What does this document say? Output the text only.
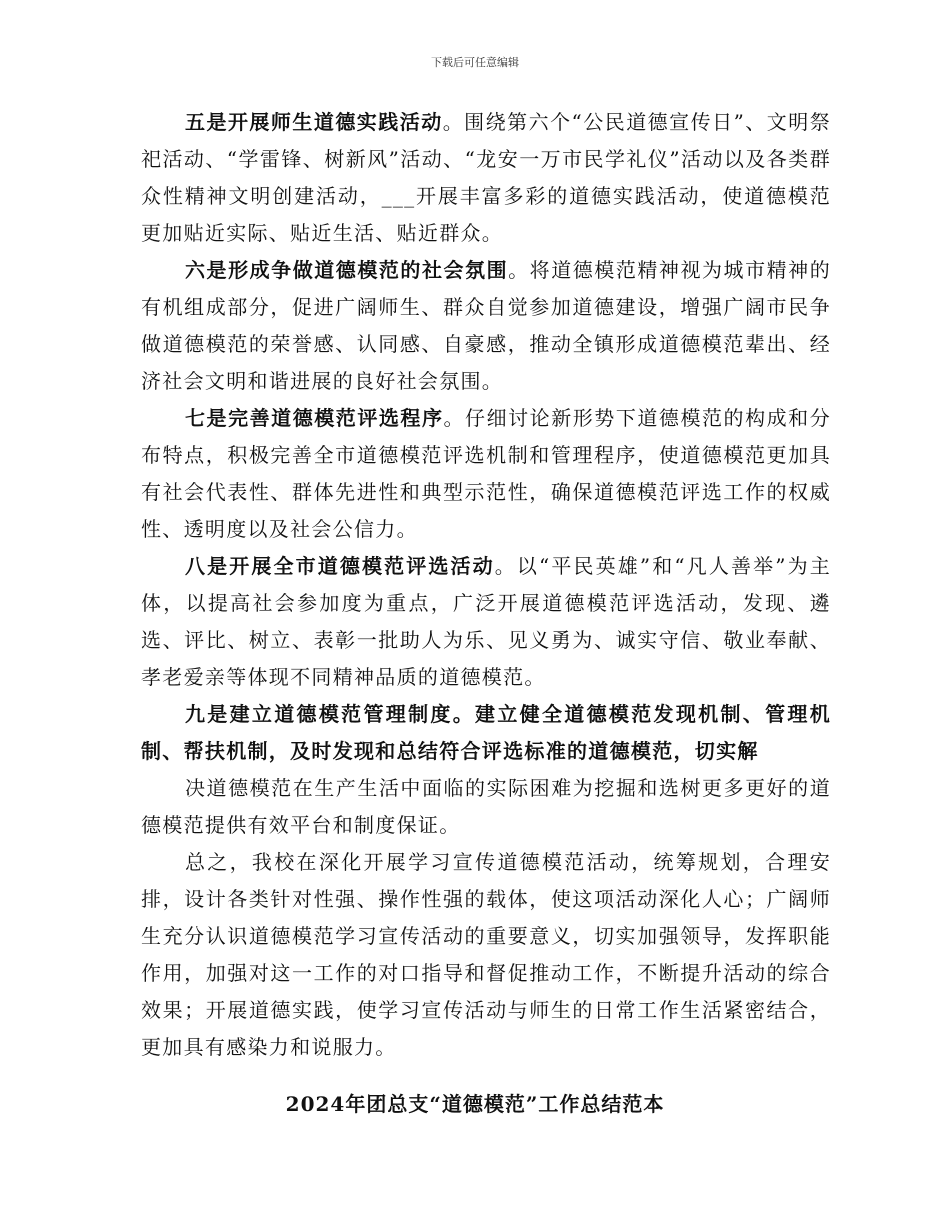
下载后可任意编辑

五是开展师生道德实践活动。围绕第六个“公民道德宣传日”、文明祭祀活动、“学雷锋、树新风”活动、“龙安一万市民学礼仪”活动以及各类群众性精神文明创建活动，___开展丰富多彩的道德实践活动，使道德模范更加贴近实际、贴近生活、贴近群众。

六是形成争做道德模范的社会氛围。将道德模范精神视为城市精神的有机组成部分，促进广阔师生、群众自觉参加道德建设，增强广阔市民争做道德模范的荣誉感、认同感、自豪感，推动全镇形成道德模范辈出、经济社会文明和谐进展的良好社会氛围。

七是完善道德模范评选程序。仔细讨论新形势下道德模范的构成和分布特点，积极完善全市道德模范评选机制和管理程序，使道德模范更加具有社会代表性、群体先进性和典型示范性，确保道德模范评选工作的权威性、透明度以及社会公信力。

八是开展全市道德模范评选活动。以“平民英雄”和“凡人善举”为主体，以提高社会参加度为重点，广泛开展道德模范评选活动，发现、遴选、评比、树立、表彰一批助人为乐、见义勇为、诚实守信、敬业奉献、孝老爱亲等体现不同精神品质的道德模范。

九是建立道德模范管理制度。建立健全道德模范发现机制、管理机制、帮扶机制，及时发现和总结符合评选标准的道德模范，切实解

决道德模范在生产生活中面临的实际困难为挖掘和选树更多更好的道德模范提供有效平台和制度保证。

总之，我校在深化开展学习宣传道德模范活动，统筹规划，合理安排，设计各类针对性强、操作性强的载体，使这项活动深化人心；广阔师生充分认识道德模范学习宣传活动的重要意义，切实加强领导，发挥职能作用，加强对这一工作的对口指导和督促推动工作，不断提升活动的综合效果；开展道德实践，使学习宣传活动与师生的日常工作生活紧密结合，更加具有感染力和说服力。

2024年团总支“道德模范”工作总结范本
